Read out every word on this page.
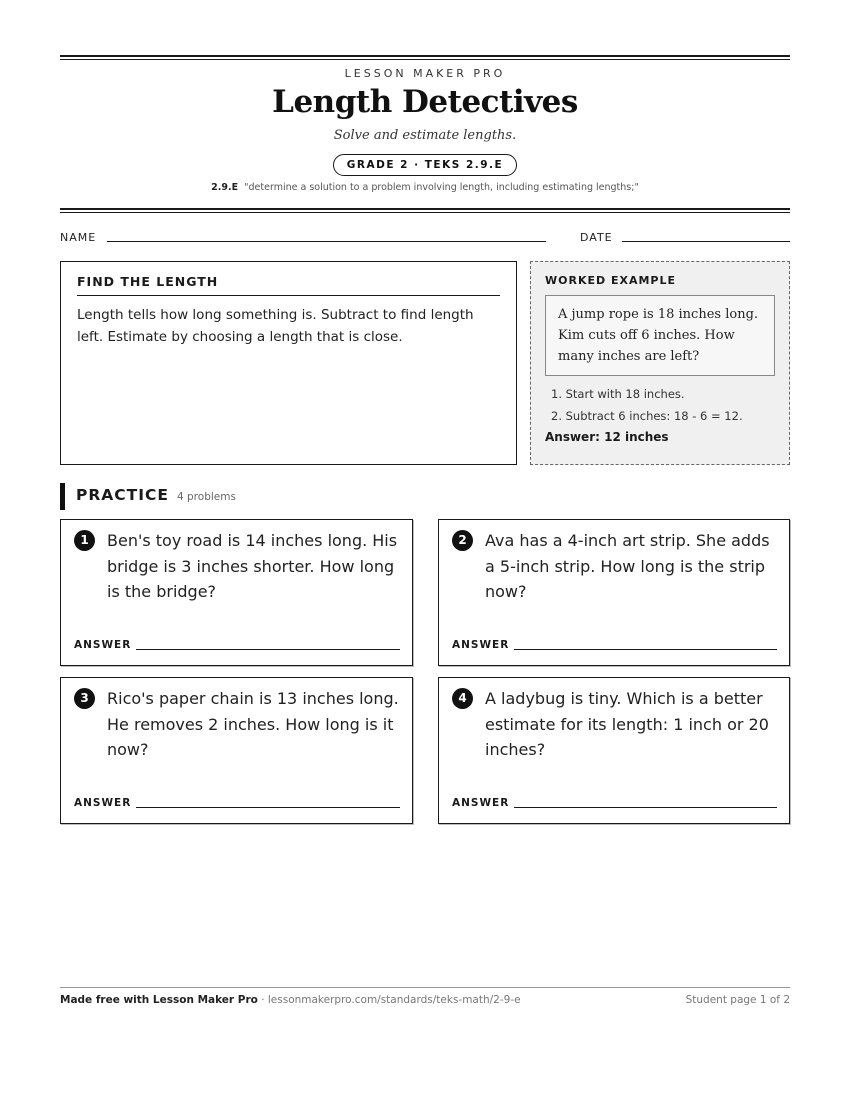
LESSON MAKER PRO
Length Detectives
Solve and estimate lengths.
GRADE 2 · TEKS 2.9.E
2.9.E "determine a solution to a problem involving length, including estimating lengths;"
NAME	DATE
FIND THE LENGTH
Length tells how long something is. Subtract to find length left. Estimate by choosing a length that is close.
WORKED EXAMPLE
A jump rope is 18 inches long. Kim cuts off 6 inches. How many inches are left?
1. Start with 18 inches.
2. Subtract 6 inches: 18 - 6 = 12.
Answer: 12 inches
PRACTICE 4 problems
1	Ben's toy road is 14 inches long. His bridge is 3 inches shorter. How long is the bridge?
ANSWER
2	Ava has a 4-inch art strip. She adds a 5-inch strip. How long is the strip now?
ANSWER
3	Rico's paper chain is 13 inches long. He removes 2 inches. How long is it now?
ANSWER
4	A ladybug is tiny. Which is a better estimate for its length: 1 inch or 20 inches?
ANSWER
Made free with Lesson Maker Pro · lessonmakerpro.com/standards/teks-math/2-9-e	Student page 1 of 2
